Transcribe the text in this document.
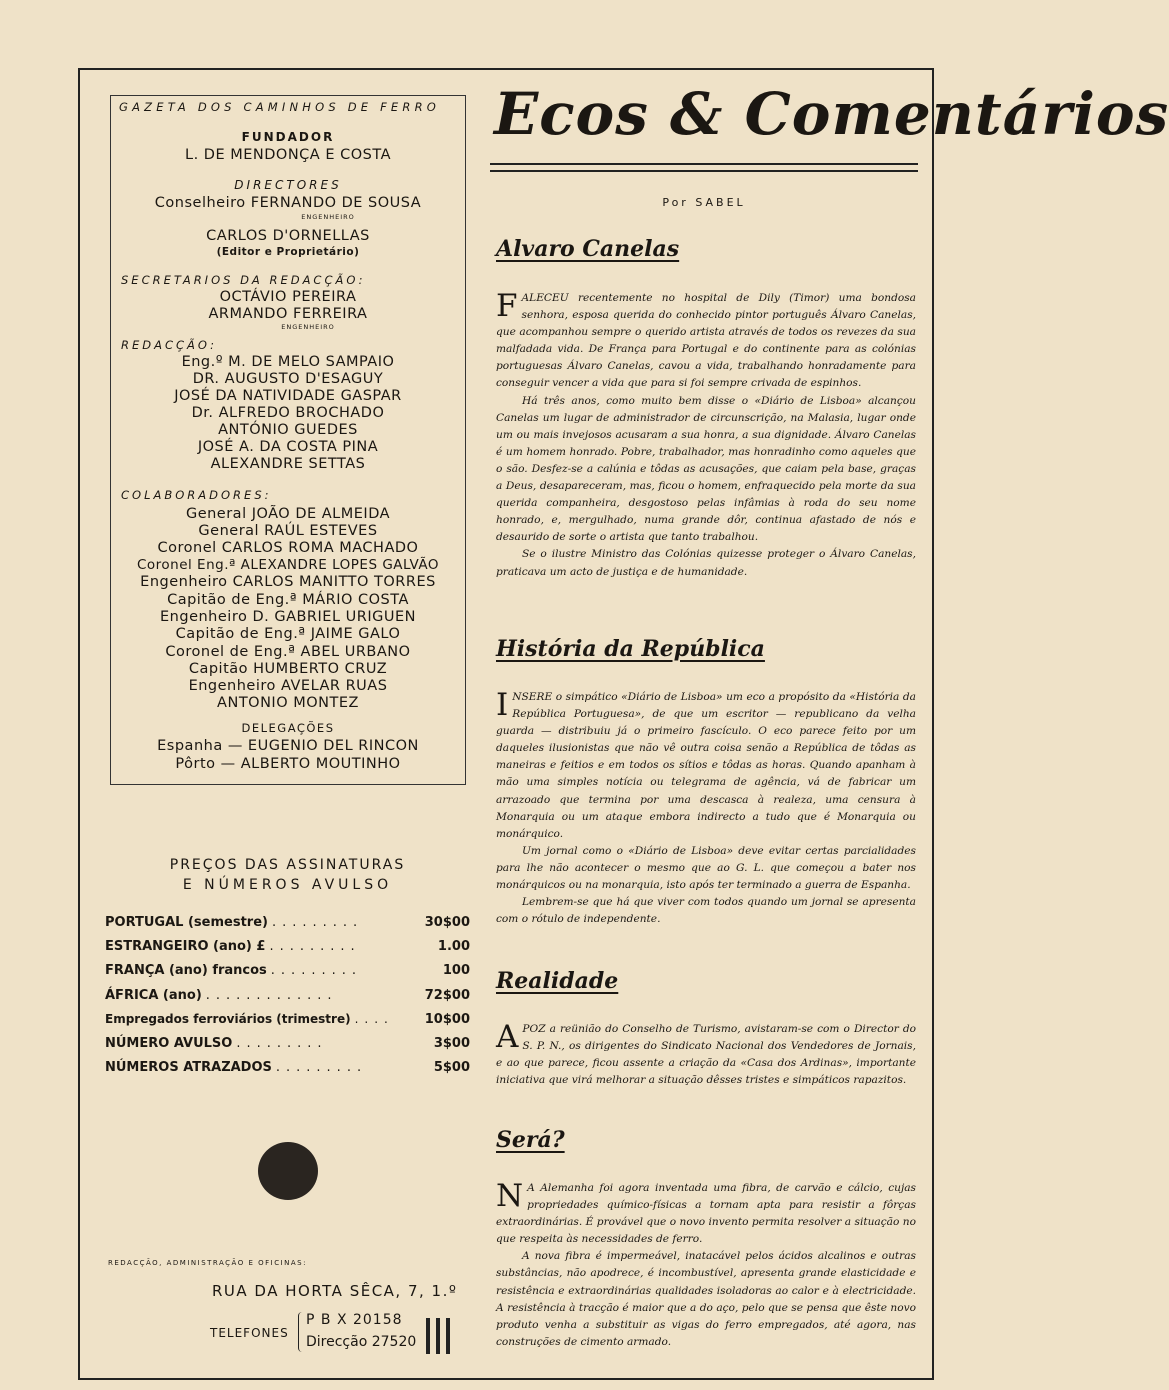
GAZETA DOS CAMINHOS DE FERRO
FUNDADOR
L. DE MENDONÇA E COSTA
DIRECTORES
Conselheiro FERNANDO DE SOUSA
ENGENHEIRO
CARLOS D'ORNELLAS
(Editor e Proprietário)
SECRETARIOS DA REDACÇÃO:
OCTÁVIO PEREIRA
ARMANDO FERREIRA
ENGENHEIRO
REDACÇÃO:
Eng.º M. DE MELO SAMPAIO
DR. AUGUSTO D'ESAGUY
JOSÉ DA NATIVIDADE GASPAR
Dr. ALFREDO BROCHADO
ANTÓNIO GUEDES
JOSÉ A. DA COSTA PINA
ALEXANDRE SETTAS
COLABORADORES:
General JOÃO DE ALMEIDA
General RAÚL ESTEVES
Coronel CARLOS ROMA MACHADO
Coronel Eng.ª ALEXANDRE LOPES GALVÃO
Engenheiro CARLOS MANITTO TORRES
Capitão de Eng.ª MÁRIO COSTA
Engenheiro D. GABRIEL URIGUEN
Capitão de Eng.ª JAIME GALO
Coronel de Eng.ª ABEL URBANO
Capitão HUMBERTO CRUZ
Engenheiro AVELAR RUAS
ANTONIO MONTEZ
DELEGAÇÕES
Espanha — EUGENIO DEL RINCON
Pôrto — ALBERTO MOUTINHO
PREÇOS DAS ASSINATURAS
E NÚMEROS AVULSO
PORTUGAL (semestre) .........	30$00
ESTRANGEIRO (ano) £ .........	1.00
FRANÇA (ano) francos .........	100
ÁFRICA (ano) .............	72$00
Empregados ferroviários (trimestre) ....	10$00
NÚMERO AVULSO .........	3$00
NÚMEROS ATRAZADOS .........	5$00
REDACÇÃO, ADMINISTRAÇÃO E OFICINAS:
RUA DA HORTA SÊCA, 7, 1.º
TELEFONES
P B X 20158
Direcção 27520
Ecos & Comentários
Por SABEL
Alvaro Canelas

FALECEU recentemente no hospital de Dily (Timor) uma bondosa senhora, esposa querida do conhecido pintor português Álvaro Canelas, que acompanhou sempre o querido artista através de todos os revezes da sua malfadada vida. De França para Portugal e do continente para as colónias portuguesas Álvaro Canelas, cavou a vida, trabalhando honradamente para conseguir vencer a vida que para si foi sempre crivada de espinhos.

Há três anos, como muito bem disse o «Diário de Lisboa» alcançou Canelas um lugar de administrador de circunscrição, na Malasia, lugar onde um ou mais invejosos acusaram a sua honra, a sua dignidade. Álvaro Canelas é um homem honrado. Pobre, trabalhador, mas honradinho como aqueles que o são. Desfez-se a calúnia e tôdas as acusações, que caiam pela base, graças a Deus, desapareceram, mas, ficou o homem, enfraquecido pela morte da sua querida companheira, desgostoso pelas infâmias à roda do seu nome honrado, e, mergulhado, numa grande dôr, continua afastado de nós e desaurido de sorte o artista que tanto trabalhou.

Se o ilustre Ministro das Colónias quizesse proteger o Álvaro Canelas, praticava um acto de justiça e de humanidade.

História da República

INSERE o simpático «Diário de Lisboa» um eco a propósito da «História da República Portuguesa», de que um escritor — republicano da velha guarda — distribuiu já o primeiro fascículo. O eco parece feito por um daqueles ilusionistas que não vê outra coisa senão a República de tôdas as maneiras e feitios e em todos os sítios e tôdas as horas. Quando apanham à mão uma simples notícia ou telegrama de agência, vá de fabricar um arrazoado que termina por uma descasca à realeza, uma censura à Monarquia ou um ataque embora indirecto a tudo que é Monarquia ou monárquico.

Um jornal como o «Diário de Lisboa» deve evitar certas parcialidades para lhe não acontecer o mesmo que ao G. L. que começou a bater nos monárquicos ou na monarquia, isto após ter terminado a guerra de Espanha.

Lembrem-se que há que viver com todos quando um jornal se apresenta com o rótulo de independente.

Realidade

APOZ a reünião do Conselho de Turismo, avistaram-se com o Director do S. P. N., os dirigentes do Sindicato Nacional dos Vendedores de Jornais, e ao que parece, ficou assente a criação da «Casa dos Ardinas», importante iniciativa que virá melhorar a situação dêsses tristes e simpáticos rapazitos.

Será?

N A Alemanha foi agora inventada uma fibra, de carvão e cálcio, cujas propriedades químico-físicas a tornam apta para resistir a fôrças extraordinárias. É provável que o novo invento permita resolver a situação no que respeita às necessidades de ferro.

A nova fibra é impermeável, inatacável pelos ácidos alcalinos e outras substâncias, não apodrece, é incombustível, apresenta grande elasticidade e resistência e extraordinárias qualidades isoladoras ao calor e à electricidade. A resistência à tracção é maior que a do aço, pelo que se pensa que êste novo produto venha a substituir as vigas do ferro empregados, até agora, nas construções de cimento armado.
